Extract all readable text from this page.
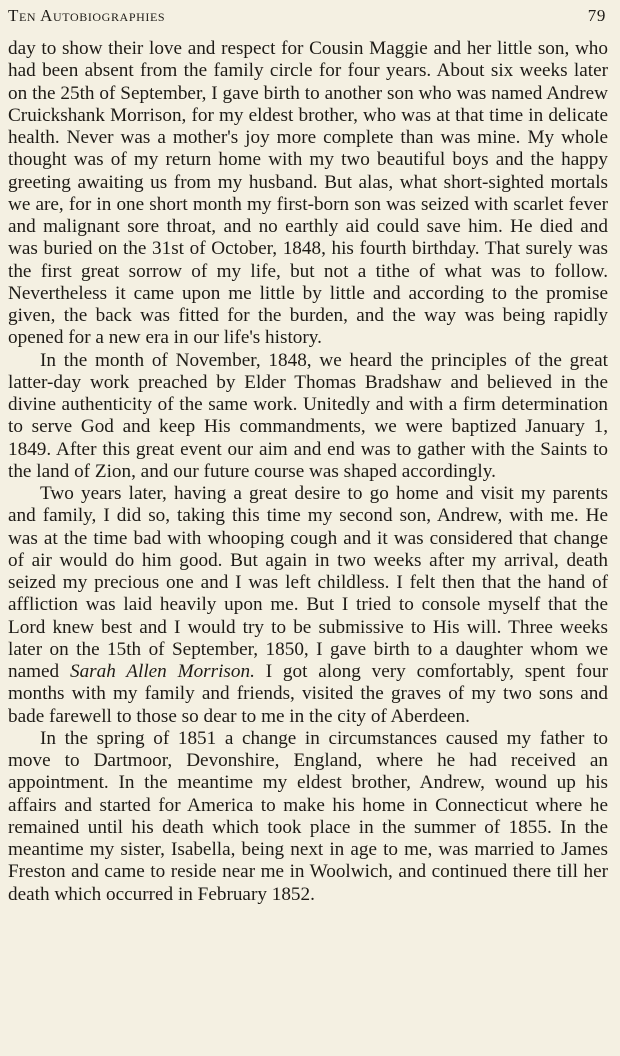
Ten Autobiographies	79

day to show their love and respect for Cousin Maggie and her little son, who had been absent from the family circle for four years. About six weeks later on the 25th of September, I gave birth to another son who was named Andrew Cruickshank Morrison, for my eldest brother, who was at that time in delicate health. Never was a mother's joy more complete than was mine. My whole thought was of my return home with my two beautiful boys and the happy greeting awaiting us from my husband. But alas, what short-sighted mortals we are, for in one short month my first-born son was seized with scarlet fever and malignant sore throat, and no earthly aid could save him. He died and was buried on the 31st of October, 1848, his fourth birthday. That surely was the first great sorrow of my life, but not a tithe of what was to follow. Nevertheless it came upon me little by little and according to the promise given, the back was fitted for the burden, and the way was being rapidly opened for a new era in our life's history.

In the month of November, 1848, we heard the principles of the great latter-day work preached by Elder Thomas Bradshaw and believed in the divine authenticity of the same work. Unitedly and with a firm determination to serve God and keep His commandments, we were baptized January 1, 1849. After this great event our aim and end was to gather with the Saints to the land of Zion, and our future course was shaped accordingly.

Two years later, having a great desire to go home and visit my parents and family, I did so, taking this time my second son, Andrew, with me. He was at the time bad with whooping cough and it was considered that change of air would do him good. But again in two weeks after my arrival, death seized my precious one and I was left childless. I felt then that the hand of affliction was laid heavily upon me. But I tried to console myself that the Lord knew best and I would try to be submissive to His will. Three weeks later on the 15th of September, 1850, I gave birth to a daughter whom we named Sarah Allen Morrison. I got along very comfortably, spent four months with my family and friends, visited the graves of my two sons and bade farewell to those so dear to me in the city of Aberdeen.

In the spring of 1851 a change in circumstances caused my father to move to Dartmoor, Devonshire, England, where he had received an appointment. In the meantime my eldest brother, Andrew, wound up his affairs and started for America to make his home in Connecticut where he remained until his death which took place in the summer of 1855. In the meantime my sister, Isabella, being next in age to me, was married to James Freston and came to reside near me in Woolwich, and continued there till her death which occurred in February 1852.
